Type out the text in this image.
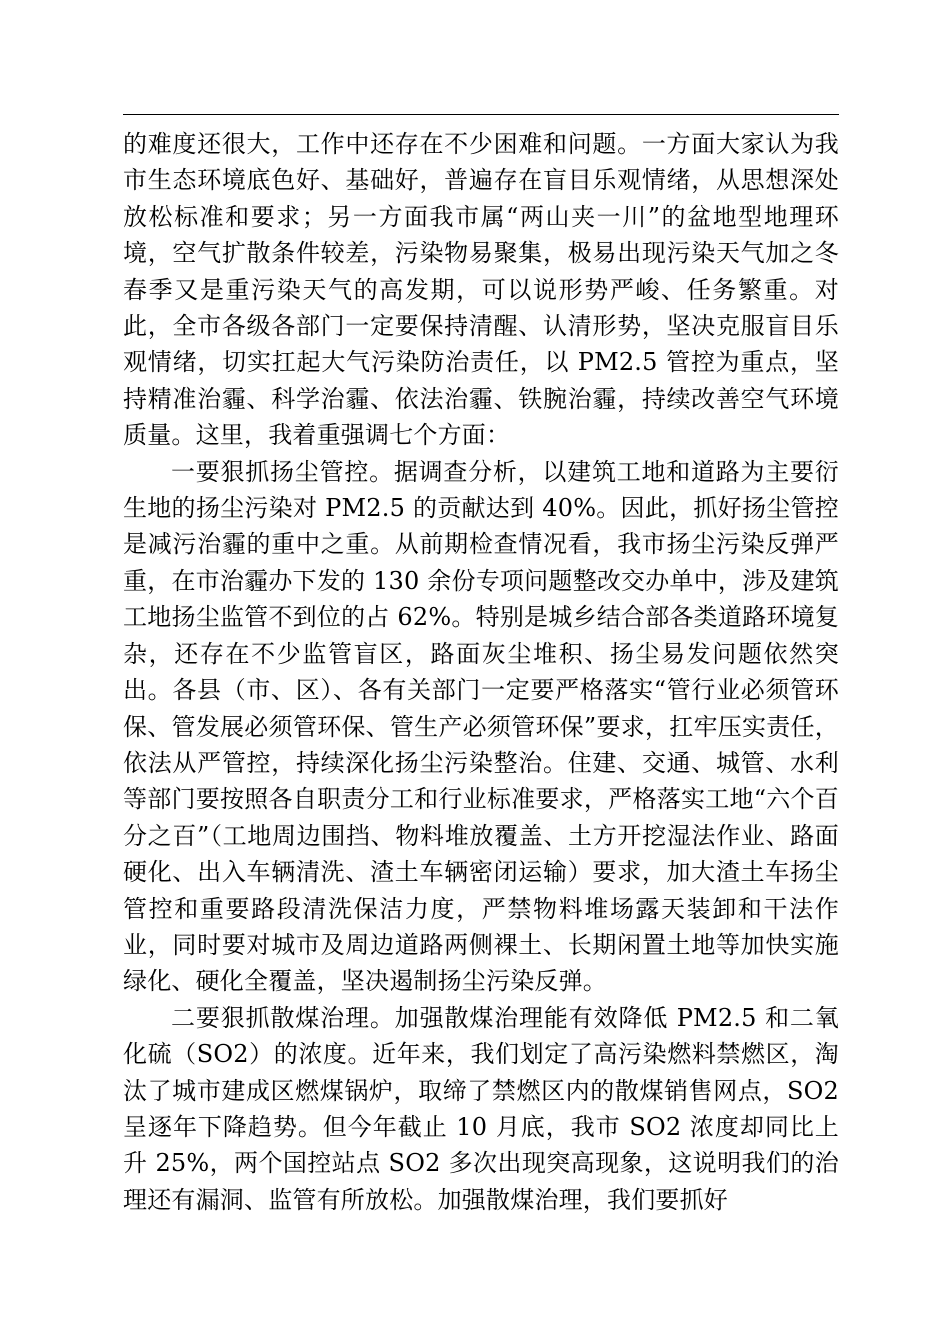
的难度还很大，工作中还存在不少困难和问题。一方面大家认为我市生态环境底色好、基础好，普遍存在盲目乐观情绪，从思想深处放松标准和要求；另一方面我市属“两山夹一川”的盆地型地理环境，空气扩散条件较差，污染物易聚集，极易出现污染天气加之冬春季又是重污染天气的高发期，可以说形势严峻、任务繁重。对此，全市各级各部门一定要保持清醒、认清形势，坚决克服盲目乐观情绪，切实扛起大气污染防治责任，以 PM2.5 管控为重点，坚持精准治霾、科学治霾、依法治霾、铁腕治霾，持续改善空气环境质量。这里，我着重强调七个方面：

一要狠抓扬尘管控。据调查分析，以建筑工地和道路为主要衍生地的扬尘污染对 PM2.5 的贡献达到 40%。因此，抓好扬尘管控是减污治霾的重中之重。从前期检查情况看，我市扬尘污染反弹严重，在市治霾办下发的 130 余份专项问题整改交办单中，涉及建筑工地扬尘监管不到位的占 62%。特别是城乡结合部各类道路环境复杂，还存在不少监管盲区，路面灰尘堆积、扬尘易发问题依然突出。各县（市、区）、各有关部门一定要严格落实“管行业必须管环保、管发展必须管环保、管生产必须管环保”要求，扛牢压实责任，依法从严管控，持续深化扬尘污染整治。住建、交通、城管、水利等部门要按照各自职责分工和行业标准要求，严格落实工地“六个百分之百”（工地周边围挡、物料堆放覆盖、土方开挖湿法作业、路面硬化、出入车辆清洗、渣土车辆密闭运输）要求，加大渣土车扬尘管控和重要路段清洗保洁力度，严禁物料堆场露天装卸和干法作业，同时要对城市及周边道路两侧裸土、长期闲置土地等加快实施绿化、硬化全覆盖，坚决遏制扬尘污染反弹。

二要狠抓散煤治理。加强散煤治理能有效降低 PM2.5 和二氧化硫（SO2）的浓度。近年来，我们划定了高污染燃料禁燃区，淘汰了城市建成区燃煤锅炉，取缔了禁燃区内的散煤销售网点，SO2 呈逐年下降趋势。但今年截止 10 月底，我市 SO2 浓度却同比上升 25%，两个国控站点 SO2 多次出现突高现象，这说明我们的治理还有漏洞、监管有所放松。加强散煤治理，我们要抓好
